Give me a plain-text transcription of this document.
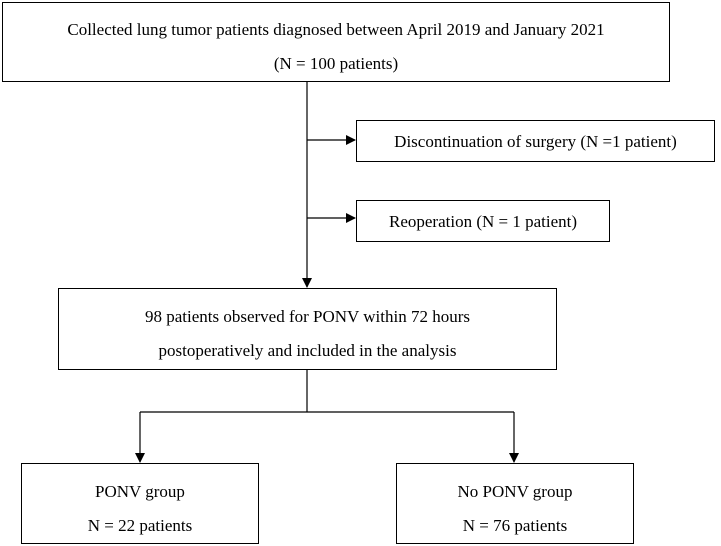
Collected lung tumor patients diagnosed between April 2019 and January 2021
(N = 100 patients)
Discontinuation of surgery (N =1 patient)
Reoperation (N = 1 patient)
98 patients observed for PONV within 72 hours
postoperatively and included in the analysis
PONV group
N = 22 patients
No PONV group
N = 76 patients
